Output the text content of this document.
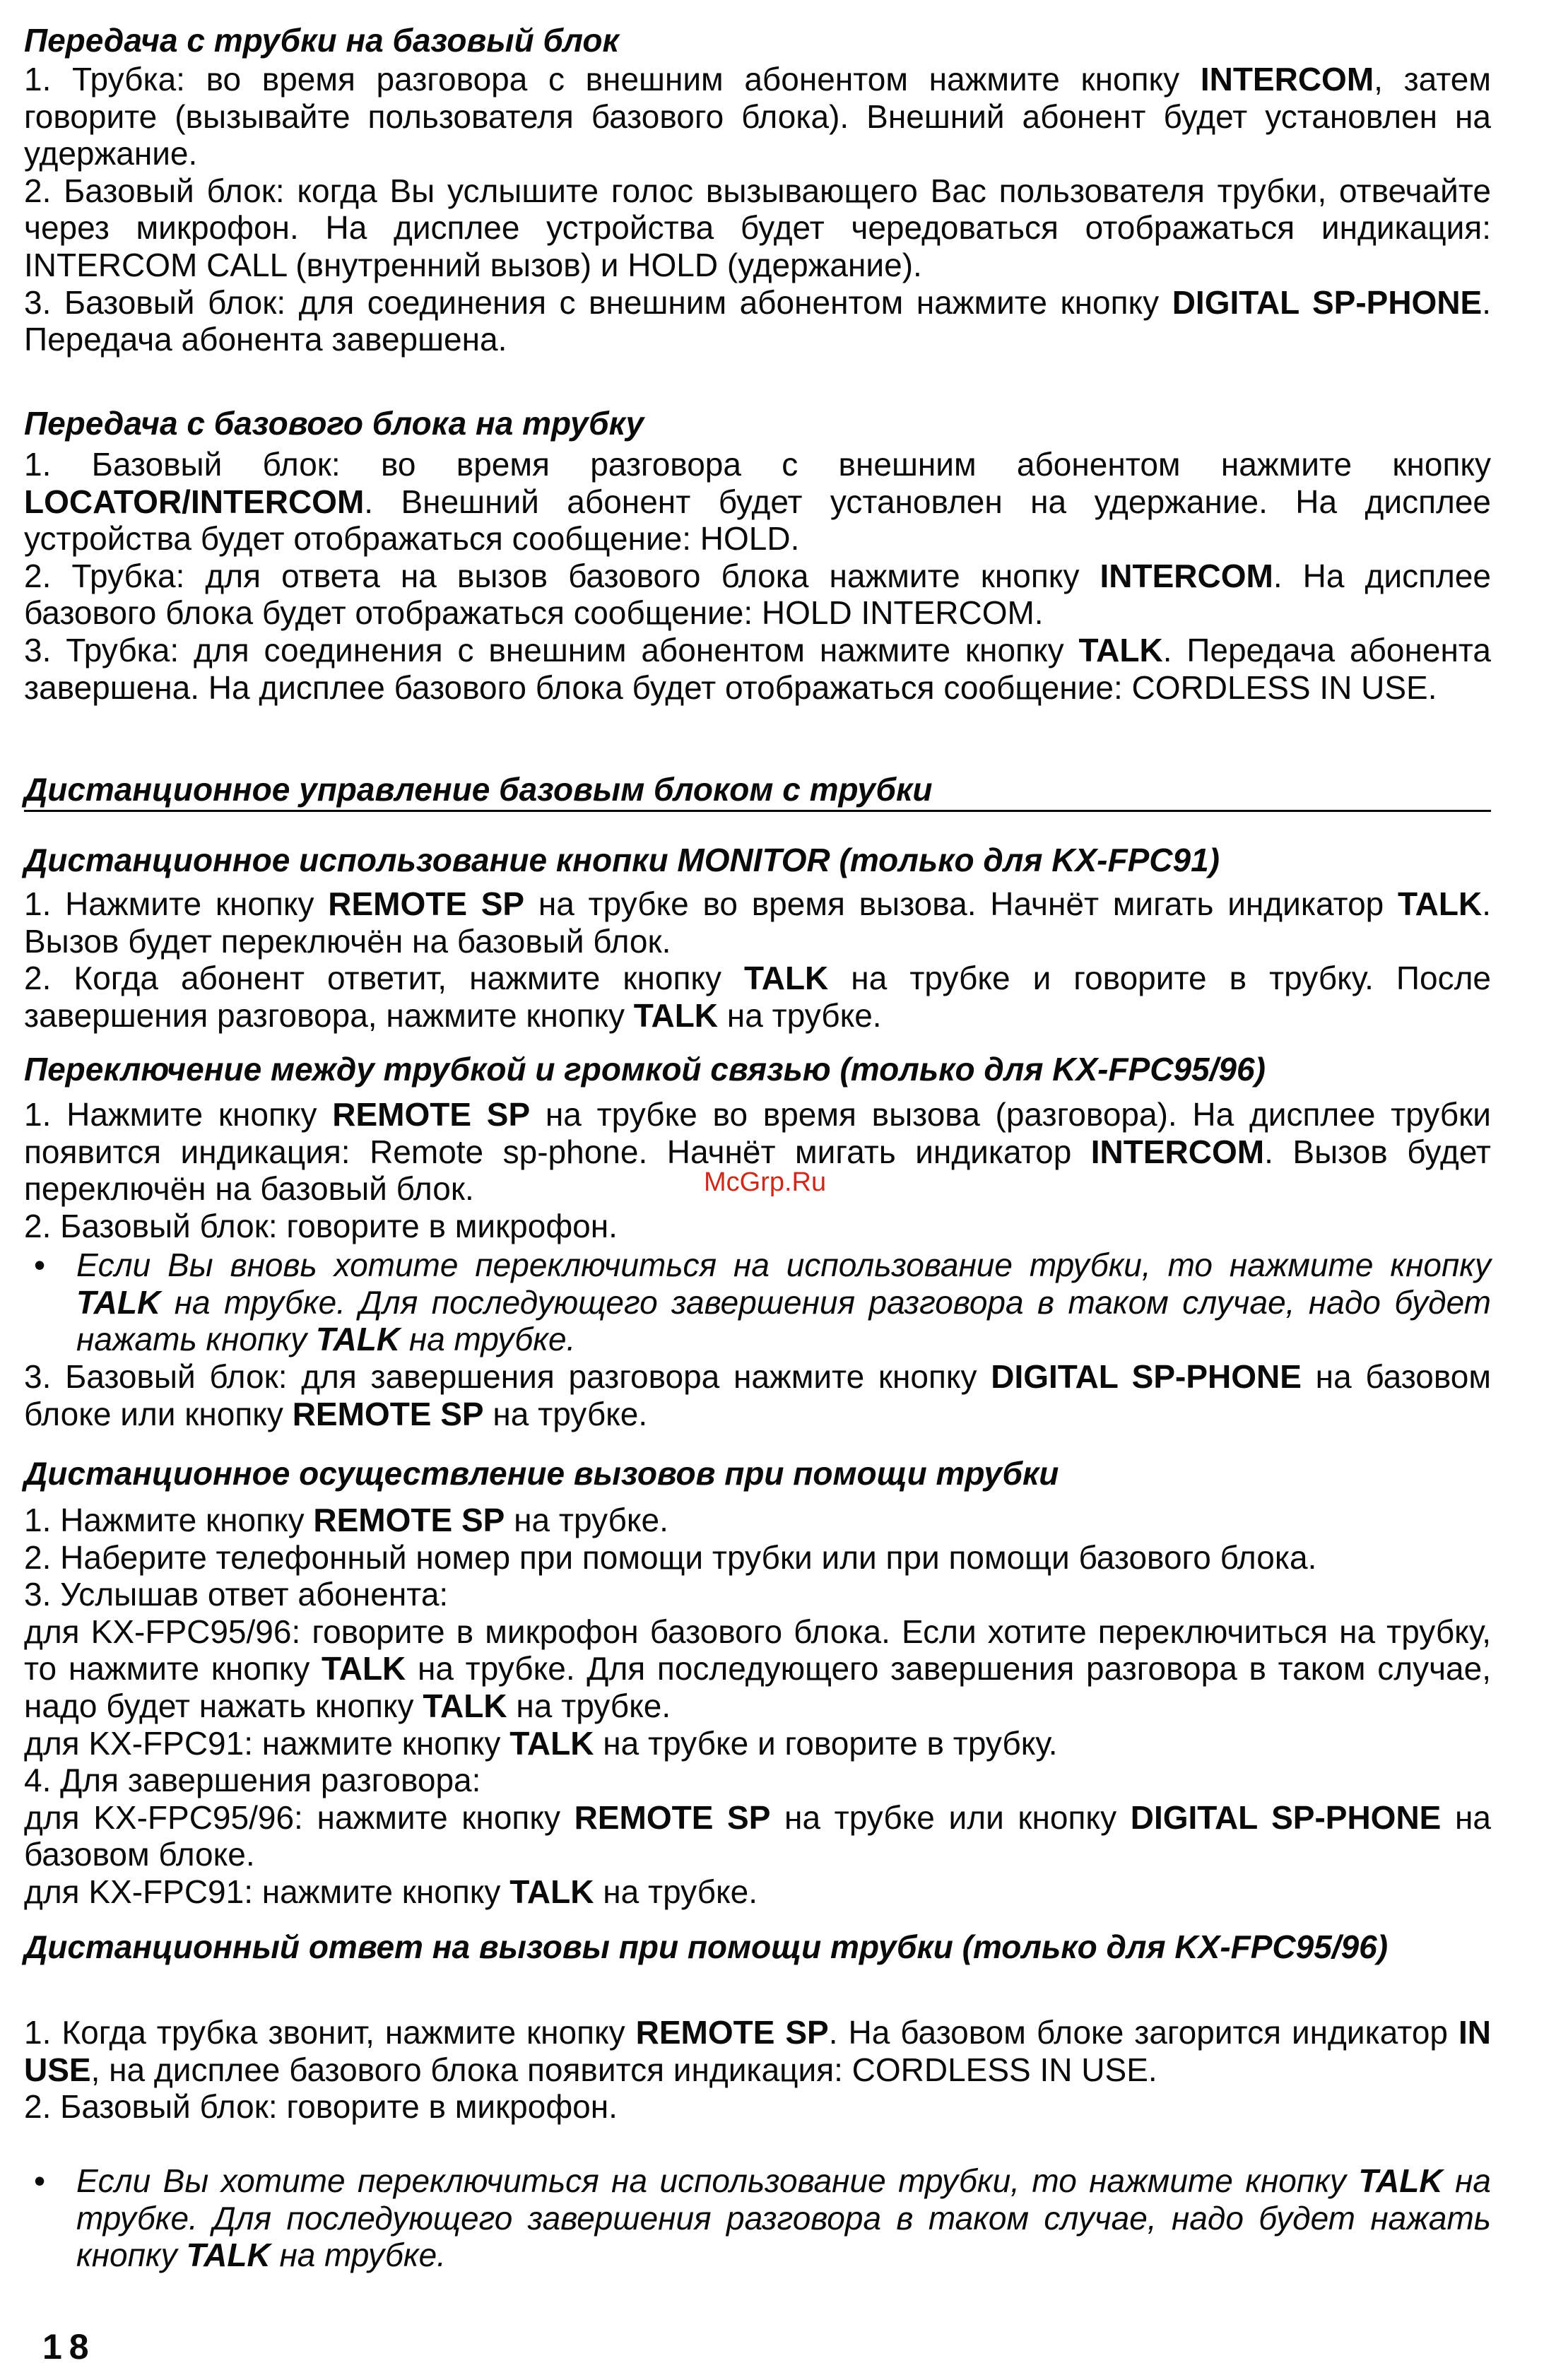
Передача с трубки на базовый блок
1. Трубка: во время разговора с внешним абонентом нажмите кнопку INTERCOM, затем говорите (вызывайте пользователя базового блока). Внешний абонент будет установлен на удержание.
2. Базовый блок: когда Вы услышите голос вызывающего Вас пользователя трубки, отвечайте через микрофон. На дисплее устройства будет чередоваться отображаться индикация: INTERCOM CALL (внутренний вызов) и HOLD (удержание).
3. Базовый блок: для соединения с внешним абонентом нажмите кнопку DIGITAL SP-PHONE. Передача абонента завершена.
Передача с базового блока на трубку
1. Базовый блок: во время разговора с внешним абонентом нажмите кнопку LOCATOR/INTERCOM. Внешний абонент будет установлен на удержание. На дисплее устройства будет отображаться сообщение: HOLD.
2. Трубка: для ответа на вызов базового блока нажмите кнопку INTERCOM. На дисплее базового блока будет отображаться сообщение: HOLD INTERCOM.
3. Трубка: для соединения с внешним абонентом нажмите кнопку TALK. Передача абонента завершена. На дисплее базового блока будет отображаться сообщение: CORDLESS IN USE.
Дистанционное управление базовым блоком с трубки
Дистанционное использование кнопки MONITOR (только для KX-FPC91)
1. Нажмите кнопку REMOTE SP на трубке во время вызова. Начнёт мигать индикатор TALK. Вызов будет переключён на базовый блок.
2. Когда абонент ответит, нажмите кнопку TALK на трубке и говорите в трубку. После завершения разговора, нажмите кнопку TALK на трубке.
Переключение между трубкой и громкой связью (только для KX-FPC95/96)
1. Нажмите кнопку REMOTE SP на трубке во время вызова (разговора). На дисплее трубки появится индикация: Remote sp-phone. Начнёт мигать индикатор INTERCOM. Вызов будет переключён на базовый блок.
2. Базовый блок: говорите в микрофон.
• Если Вы вновь хотите переключиться на использование трубки, то нажмите кнопку TALK на трубке. Для последующего завершения разговора в таком случае, надо будет нажать кнопку TALK на трубке.
3. Базовый блок: для завершения разговора нажмите кнопку DIGITAL SP-PHONE на базовом блоке или кнопку REMOTE SP на трубке.
Дистанционное осуществление вызовов при помощи трубки
1. Нажмите кнопку REMOTE SP на трубке.
2. Наберите телефонный номер при помощи трубки или при помощи базового блока.
3. Услышав ответ абонента:
для KX-FPC95/96: говорите в микрофон базового блока. Если хотите переключиться на трубку, то нажмите кнопку TALK на трубке. Для последующего завершения разговора в таком случае, надо будет нажать кнопку TALK на трубке.
для KX-FPC91: нажмите кнопку TALK на трубке и говорите в трубку.
4. Для завершения разговора:
для KX-FPC95/96: нажмите кнопку REMOTE SP на трубке или кнопку DIGITAL SP-PHONE на базовом блоке.
для KX-FPC91: нажмите кнопку TALK на трубке.
Дистанционный ответ на вызовы при помощи трубки (только для KX-FPC95/96)
1. Когда трубка звонит, нажмите кнопку REMOTE SP. На базовом блоке загорится индикатор IN USE, на дисплее базового блока появится индикация: CORDLESS IN USE.
2. Базовый блок: говорите в микрофон.
• Если Вы хотите переключиться на использование трубки, то нажмите кнопку TALK на трубке. Для последующего завершения разговора в таком случае, надо будет нажать кнопку TALK на трубке.
McGrp.Ru
18
